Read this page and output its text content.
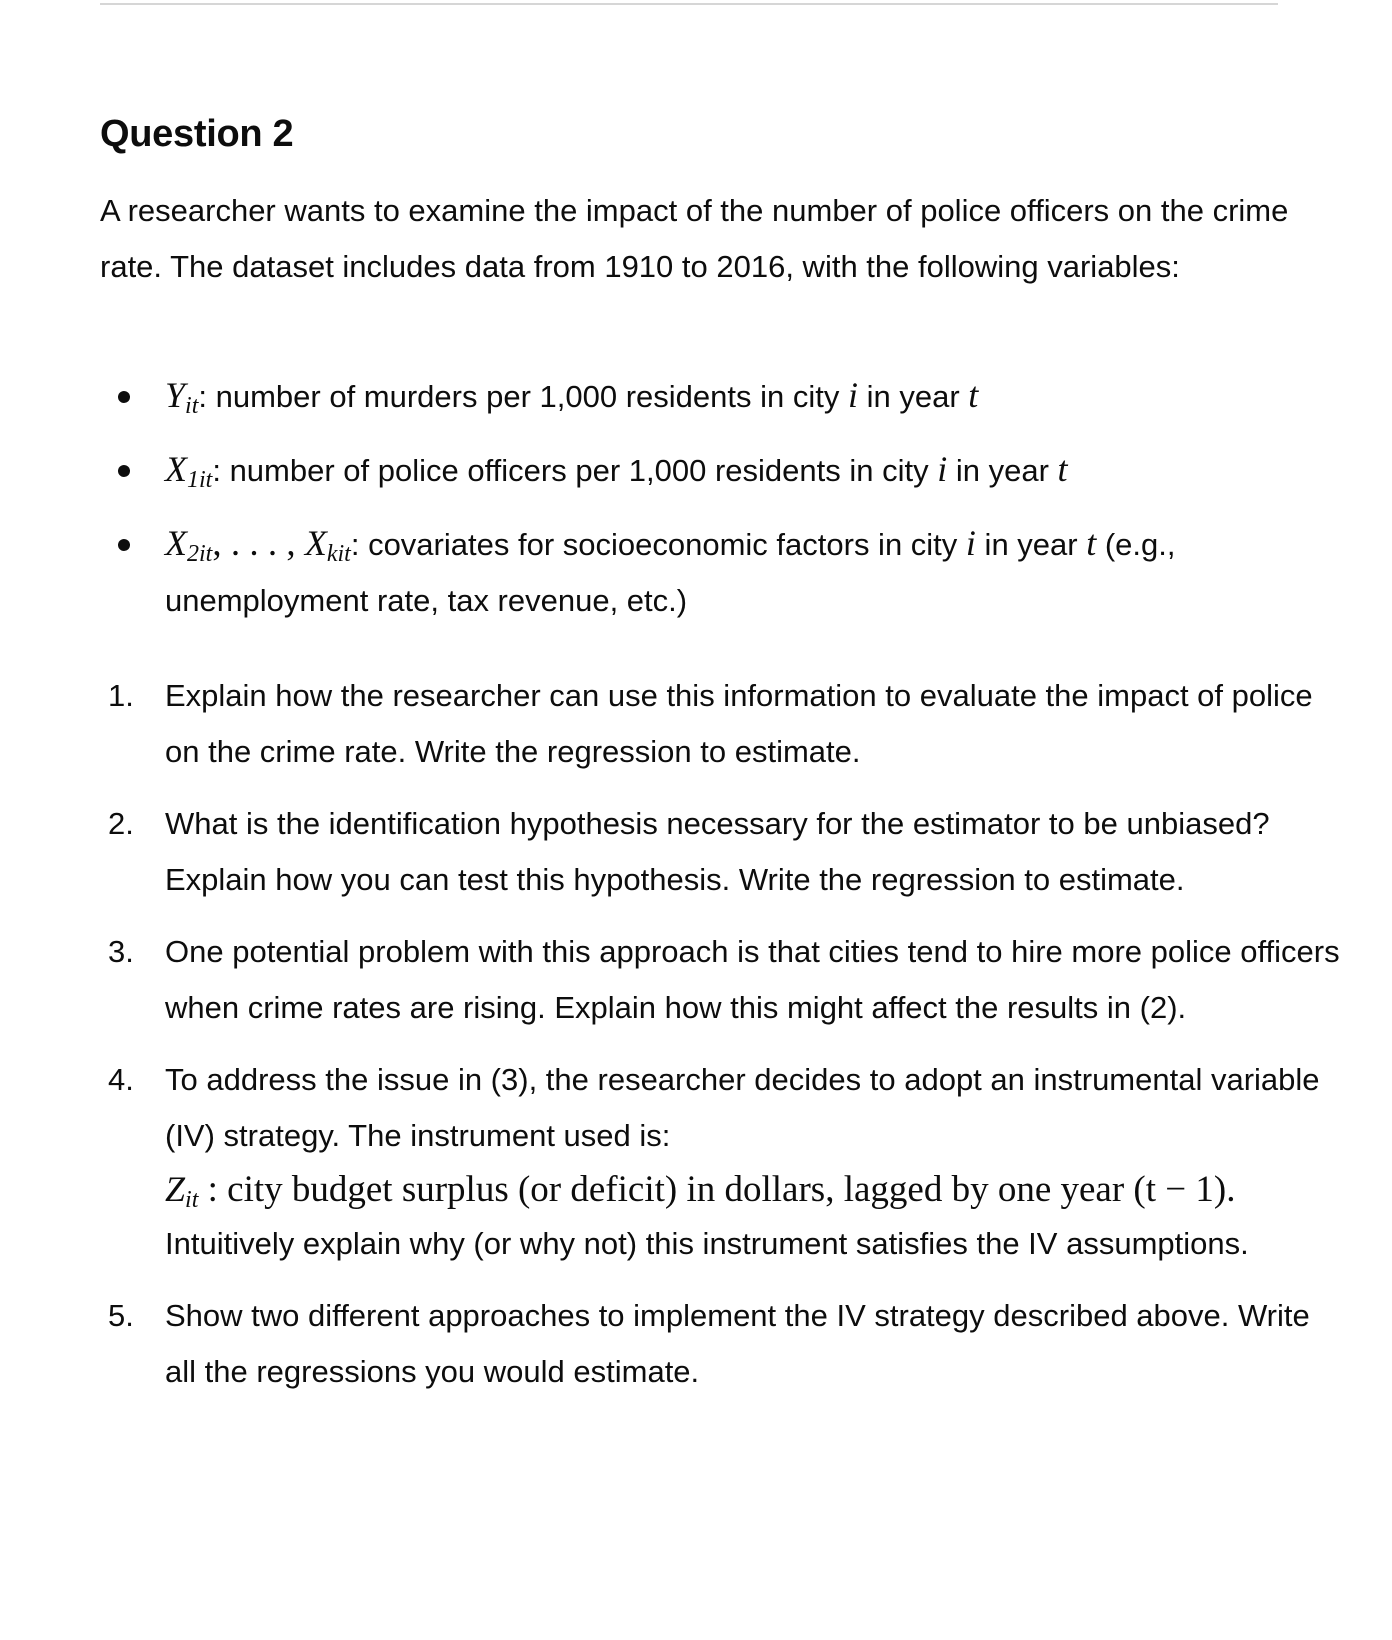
Question 2

A researcher wants to examine the impact of the number of police officers on the crime rate. The dataset includes data from 1910 to 2016, with the following variables:

$Y_{it}$: number of murders per 1,000 residents in city i in year t
$X_{1it}$: number of police officers per 1,000 residents in city i in year t
$X_{2it}$, . . . , $X_{kit}$: covariates for socioeconomic factors in city i in year t (e.g., unemployment rate, tax revenue, etc.)
1.	Explain how the researcher can use this information to evaluate the impact of police on the crime rate. Write the regression to estimate.
2.	What is the identification hypothesis necessary for the estimator to be unbiased? Explain how you can test this hypothesis. Write the regression to estimate.
3.	One potential problem with this approach is that cities tend to hire more police officers when crime rates are rising. Explain how this might affect the results in (2).
4.	To address the issue in (3), the researcher decides to adopt an instrumental variable (IV) strategy. The instrument used is:
$Z_{it}$ : city budget surplus (or deficit) in dollars, lagged by one year (t − 1).
Intuitively explain why (or why not) this instrument satisfies the IV assumptions.
5.	Show two different approaches to implement the IV strategy described above. Write all the regressions you would estimate.
